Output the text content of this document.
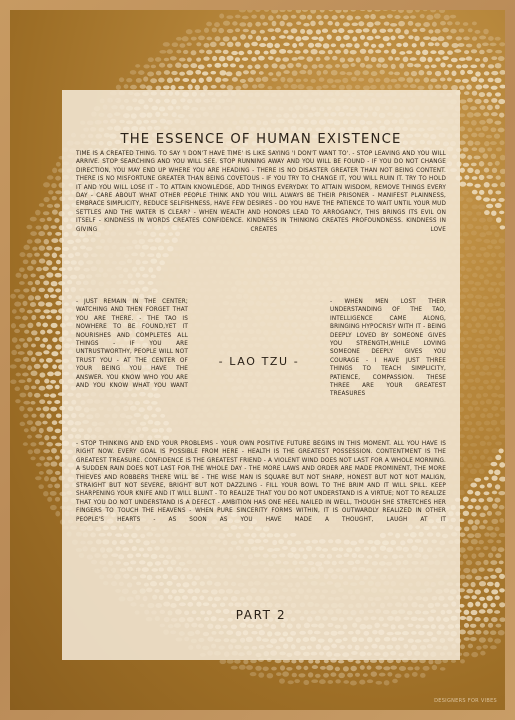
THE ESSENCE OF HUMAN EXISTENCE
TIME IS A CREATED THING. TO SAY 'I DON'T HAVE TIME' IS LIKE SAYING 'I DON'T WANT TO'. - STOP LEAVING AND YOU WILL ARRIVE. STOP SEARCHING AND YOU WILL SEE. STOP RUNNING AWAY AND YOU WILL BE FOUND - IF YOU DO NOT CHANGE DIRECTION, YOU MAY END UP WHERE YOU ARE HEADING - THERE IS NO DISASTER GREATER THAN NOT BEING CONTENT. THERE IS NO MISFORTUNE GREATER THAN BEING COVETOUS - IF YOU TRY TO CHANGE IT, YOU WILL RUIN IT. TRY TO HOLD IT AND YOU WILL LOSE IT - TO ATTAIN KNOWLEDGE, ADD THINGS EVERYDAY. TO ATTAIN WISDOM, REMOVE THINGS EVERY DAY - CARE ABOUT WHAT OTHER PEOPLE THINK AND YOU WILL ALWAYS BE THEIR PRISONER - MANIFEST PLAINNESS, EMBRACE SIMPLICITY, REDUCE SELFISHNESS, HAVE FEW DESIRES - DO YOU HAVE THE PATIENCE TO WAIT UNTIL YOUR MUD SETTLES AND THE WATER IS CLEAR? - WHEN WEALTH AND HONORS LEAD TO ARROGANCY, THIS BRINGS ITS EVIL ON ITSELF - KINDNESS IN WORDS CREATES CONFIDENCE. KINDNESS IN THINKING CREATES PROFOUNDNESS. KINDNESS IN GIVING CREATES LOVE
- JUST REMAIN IN THE CENTER; WATCHING AND THEN FORGET THAT YOU ARE THERE. - THE TAO IS NOWHERE TO BE FOUND,YET IT NOURISHES AND COMPLETES ALL THINGS - IF YOU ARE UNTRUSTWORTHY, PEOPLE WILL NOT TRUST YOU - AT THE CENTER OF YOUR BEING YOU HAVE THE ANSWER. YOU KNOW WHO YOU ARE AND YOU KNOW WHAT YOU WANT
- LAO TZU -
- WHEN MEN LOST THEIR UNDERSTANDING OF THE TAO, INTELLIGENCE CAME ALONG, BRINGING HYPOCRISY WITH IT - BEING DEEPLY LOVED BY SOMEONE GIVES YOU STRENGTH,WHILE LOVING SOMEONE DEEPLY GIVES YOU COURAGE - I HAVE JUST THREE THINGS TO TEACH SIMPLICITY, PATIENCE, COMPASSION. THESE THREE ARE YOUR GREATEST TREASURES
- STOP THINKING AND END YOUR PROBLEMS - YOUR OWN POSITIVE FUTURE BEGINS IN THIS MOMENT. ALL YOU HAVE IS RIGHT NOW. EVERY GOAL IS POSSIBLE FROM HERE - HEALTH IS THE GREATEST POSSESSION. CONTENTMENT IS THE GREATEST TREASURE. CONFIDENCE IS THE GREATEST FRIEND - A VIOLENT WIND DOES NOT LAST FOR A WHOLE MORNING. A SUDDEN RAIN DOES NOT LAST FOR THE WHOLE DAY - THE MORE LAWS AND ORDER ARE MADE PROMINENT, THE MORE THIEVES AND ROBBERS THERE WILL BE - THE WISE MAN IS SQUARE BUT NOT SHARP, HONEST BUT NOT NOT MALIGN, STRAIGHT BUT NOT SEVERE, BRIGHT BUT NOT DAZZLING - FILL YOUR BOWL TO THE BRIM AND IT WILL SPILL. KEEP SHARPENING YOUR KNIFE AND IT WILL BLUNT - TO REALIZE THAT YOU DO NOT UNDERSTAND IS A VIRTUE; NOT TO REALIZE THAT YOU DO NOT UNDERSTAND IS A DEFECT - AMBITION HAS ONE HEEL NAILED IN WELL, THOUGH SHE STRETCHES HER FINGERS TO TOUCH THE HEAVENS - WHEN PURE SINCERITY FORMS WITHIN, IT IS OUTWARDLY REALIZED IN OTHER PEOPLE'S HEARTS - AS SOON AS YOU HAVE MADE A THOUGHT, LAUGH AT IT
PART 2
DESIGNERS FOR VIBES
